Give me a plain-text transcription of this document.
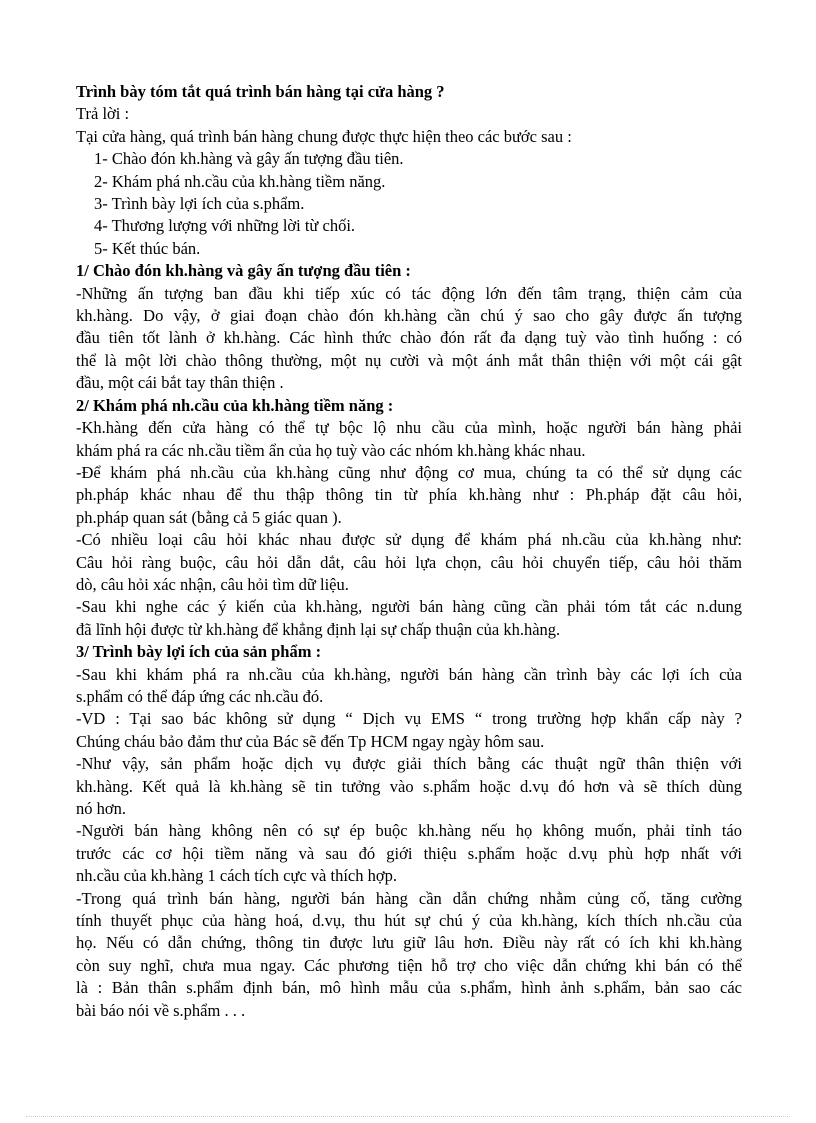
Trình bày tóm tắt quá trình bán hàng tại cửa hàng ?
Trả lời :
Tại cửa hàng, quá trình bán hàng chung được thực hiện theo các bước sau :
1- Chào đón kh.hàng và gây ấn tượng đầu tiên.
2- Khám phá nh.cầu của kh.hàng tiềm năng.
3- Trình bày lợi ích của s.phẩm.
4- Thương lượng với những lời từ chối.
5- Kết thúc bán.
1/ Chào đón kh.hàng và gây ấn tượng đầu tiên :
-Những ấn tượng ban đầu khi tiếp xúc có tác động lớn đến tâm trạng, thiện cảm của
kh.hàng. Do vậy, ở giai đoạn chào đón kh.hàng cần chú ý sao cho gây được ấn tượng
đầu tiên tốt lành ở kh.hàng. Các hình thức chào đón rất đa dạng tuỳ vào tình huống : có
thể là một lời chào thông thường, một nụ cười và một ánh mắt thân thiện với một cái gật
đầu, một cái bắt tay thân thiện .
2/ Khám phá nh.cầu của kh.hàng tiềm năng :
-Kh.hàng đến cửa hàng có thể tự bộc lộ nhu cầu của mình, hoặc người bán hàng phải
khám phá ra các nh.cầu tiềm ẩn của họ tuỳ vào các nhóm kh.hàng khác nhau.
-Để khám phá nh.cầu của kh.hàng cũng như động cơ mua, chúng ta có thể sử dụng các
ph.pháp khác nhau để thu thập thông tin từ phía kh.hàng như : Ph.pháp đặt câu hỏi,
ph.pháp quan sát (bằng cả 5 giác quan ).
-Có nhiều loại câu hỏi khác nhau được sử dụng để khám phá nh.cầu của kh.hàng như:
Câu hỏi ràng buộc, câu hỏi dẫn dắt, câu hỏi lựa chọn, câu hỏi chuyển tiếp, câu hỏi thăm
dò, câu hỏi xác nhận, câu hỏi tìm dữ liệu.
-Sau khi nghe các ý kiến của kh.hàng, người bán hàng cũng cần phải tóm tắt các n.dung
đã lĩnh hội được từ kh.hàng để khẳng định lại sự chấp thuận của kh.hàng.
3/ Trình bày lợi ích của sản phẩm :
-Sau khi khám phá ra nh.cầu của kh.hàng, người bán hàng cần trình bày các lợi ích của
s.phẩm có thể đáp ứng các nh.cầu đó.
-VD : Tại sao bác không sử dụng “ Dịch vụ EMS “ trong trường hợp khẩn cấp này ?
Chúng cháu bảo đảm thư của Bác sẽ đến Tp HCM ngay ngày hôm sau.
-Như vậy, sản phẩm hoặc dịch vụ được giải thích bằng các thuật ngữ thân thiện với
kh.hàng. Kết quả là kh.hàng sẽ tin tưởng vào s.phẩm hoặc d.vụ đó hơn và sẽ thích dùng
nó hơn.
-Người bán hàng không nên có sự ép buộc kh.hàng nếu họ không muốn, phải tỉnh táo
trước các cơ hội tiềm năng và sau đó giới thiệu s.phẩm hoặc d.vụ phù hợp nhất với
nh.cầu của kh.hàng 1 cách tích cực và thích hợp.
-Trong quá trình bán hàng, người bán hàng cần dẫn chứng nhằm củng cố, tăng cường
tính thuyết phục của hàng hoá, d.vụ, thu hút sự chú ý của kh.hàng, kích thích nh.cầu của
họ. Nếu có dẫn chứng, thông tin được lưu giữ lâu hơn. Điều này rất có ích khi kh.hàng
còn suy nghĩ, chưa mua ngay. Các phương tiện hỗ trợ cho việc dẫn chứng khi bán có thể
là : Bản thân s.phẩm định bán, mô hình mẫu của s.phẩm, hình ảnh s.phẩm, bản sao các
bài báo nói về s.phẩm . . .
